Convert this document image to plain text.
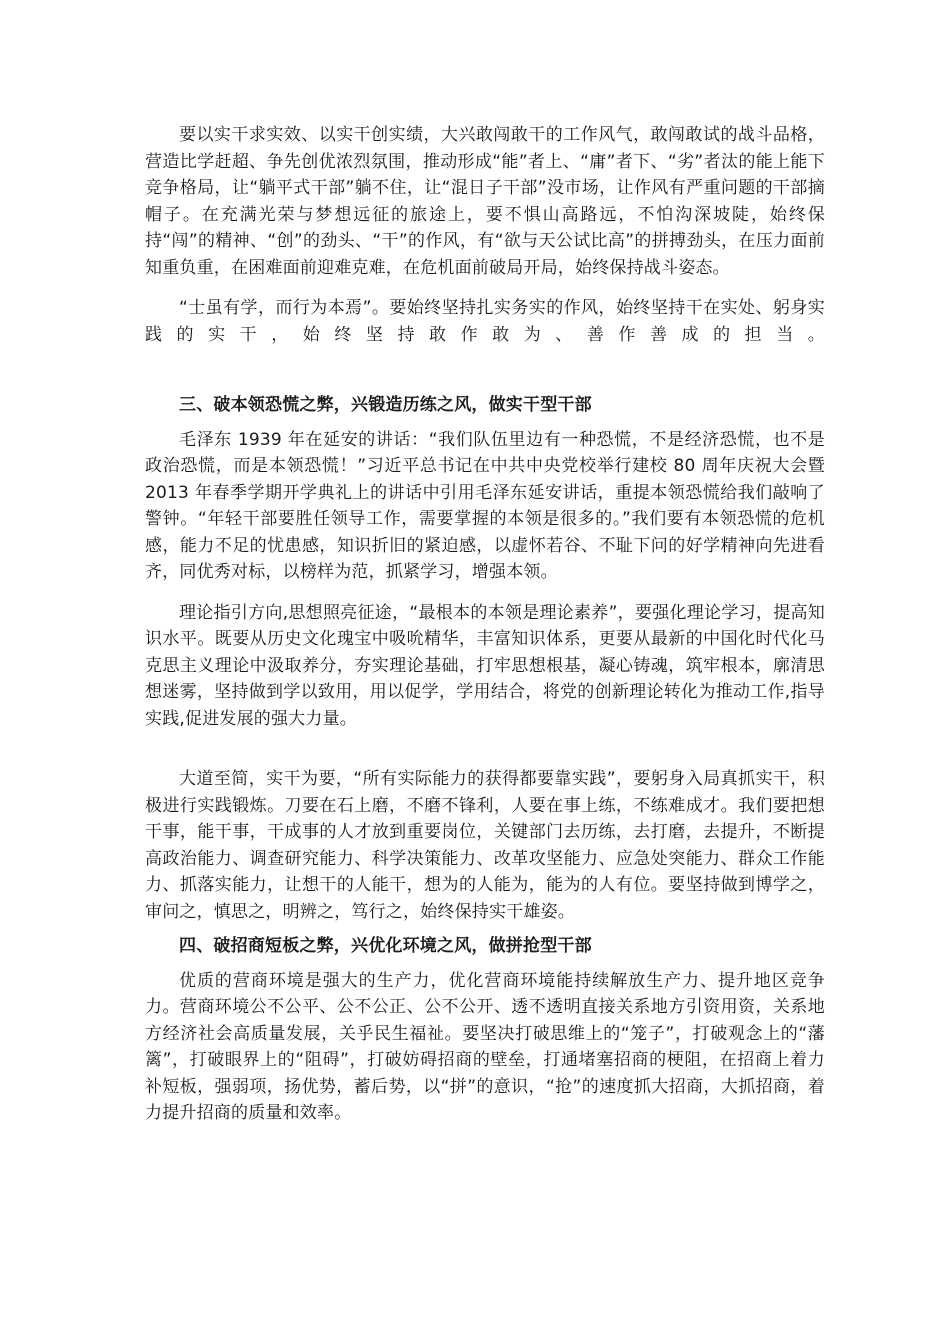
要以实干求实效、以实干创实绩，大兴敢闯敢干的工作风气，敢闯敢试的战斗品格，营造比学赶超、争先创优浓烈氛围，推动形成“能”者上、“庸”者下、“劣”者汰的能上能下竞争格局，让“躺平式干部”躺不住，让“混日子干部”没市场，让作风有严重问题的干部摘帽子。在充满光荣与梦想远征的旅途上，要不惧山高路远，不怕沟深坡陡，始终保持“闯”的精神、“创”的劲头、“干”的作风，有“欲与天公试比高”的拼搏劲头，在压力面前知重负重，在困难面前迎难克难，在危机面前破局开局，始终保持战斗姿态。

“士虽有学，而行为本焉”。要始终坚持扎实务实的作风，始终坚持干在实处、躬身实践的实干，始终坚持敢作敢为、善作善成的担当。

三、破本领恐慌之弊，兴锻造历练之风，做实干型干部

毛泽东 1939 年在延安的讲话：“我们队伍里边有一种恐慌，不是经济恐慌，也不是政治恐慌，而是本领恐慌！”习近平总书记在中共中央党校举行建校 80 周年庆祝大会暨 2013 年春季学期开学典礼上的讲话中引用毛泽东延安讲话，重提本领恐慌给我们敲响了警钟。“年轻干部要胜任领导工作，需要掌握的本领是很多的。”我们要有本领恐慌的危机感，能力不足的忧患感，知识折旧的紧迫感，以虚怀若谷、不耻下问的好学精神向先进看齐，同优秀对标，以榜样为范，抓紧学习，增强本领。

理论指引方向,思想照亮征途，“最根本的本领是理论素养”，要强化理论学习，提高知识水平。既要从历史文化瑰宝中吸吮精华，丰富知识体系，更要从最新的中国化时代化马克思主义理论中汲取养分，夯实理论基础，打牢思想根基，凝心铸魂，筑牢根本，廓清思想迷雾，坚持做到学以致用，用以促学，学用结合，将党的创新理论转化为推动工作,指导实践,促进发展的强大力量。

大道至简，实干为要，“所有实际能力的获得都要靠实践”，要躬身入局真抓实干，积极进行实践锻炼。刀要在石上磨，不磨不锋利，人要在事上练，不练难成才。我们要把想干事，能干事，干成事的人才放到重要岗位，关键部门去历练，去打磨，去提升，不断提高政治能力、调查研究能力、科学决策能力、改革攻坚能力、应急处突能力、群众工作能力、抓落实能力，让想干的人能干，想为的人能为，能为的人有位。要坚持做到博学之，审问之，慎思之，明辨之，笃行之，始终保持实干雄姿。

四、破招商短板之弊，兴优化环境之风，做拼抢型干部

优质的营商环境是强大的生产力，优化营商环境能持续解放生产力、提升地区竞争力。营商环境公不公平、公不公正、公不公开、透不透明直接关系地方引资用资，关系地方经济社会高质量发展，关乎民生福祉。要坚决打破思维上的“笼子”，打破观念上的“藩篱”，打破眼界上的“阻碍”，打破妨碍招商的壁垒，打通堵塞招商的梗阻，在招商上着力补短板，强弱项，扬优势，蓄后势，以“拼”的意识，“抢”的速度抓大招商，大抓招商，着力提升招商的质量和效率。
